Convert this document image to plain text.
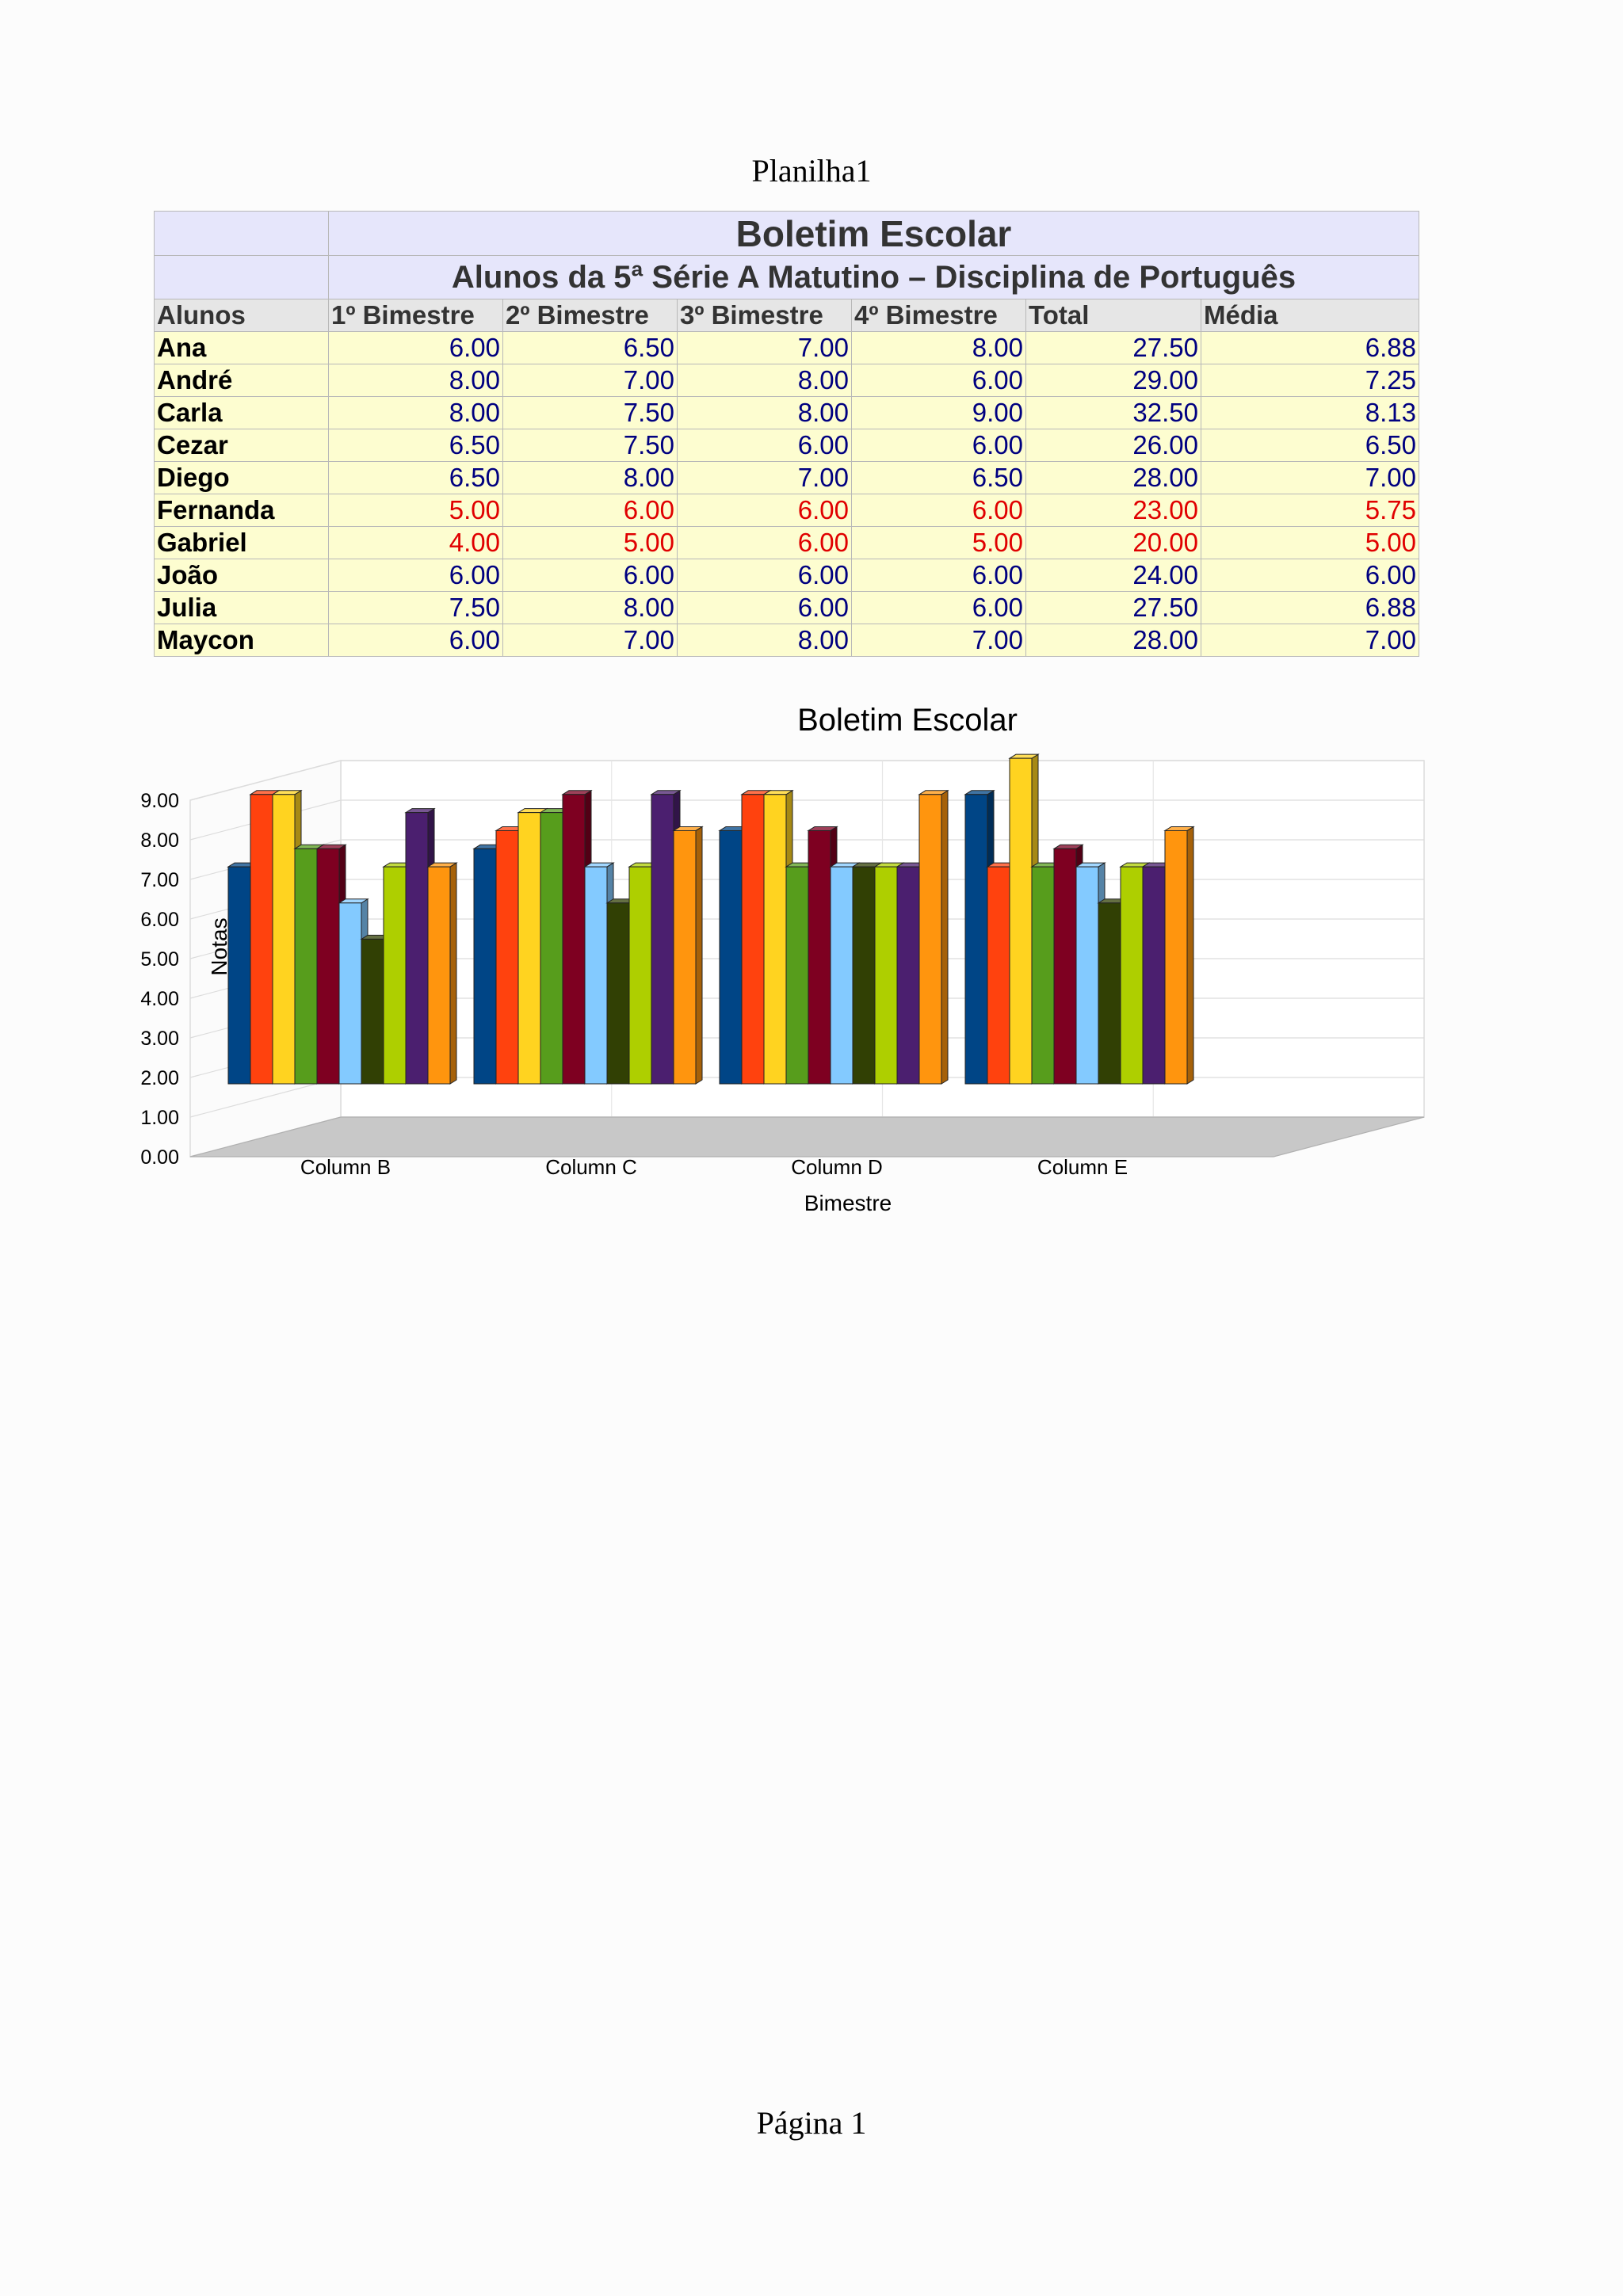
Planilha1
	Boletim Escolar					
	Alunos da 5ª Série A Matutino – Disciplina de Português					
Alunos	1º Bimestre	2º Bimestre	3º Bimestre	4º Bimestre	Total	Média
Ana	6.00	6.50	7.00	8.00	27.50	6.88
André	8.00	7.00	8.00	6.00	29.00	7.25
Carla	8.00	7.50	8.00	9.00	32.50	8.13
Cezar	6.50	7.50	6.00	6.00	26.00	6.50
Diego	6.50	8.00	7.00	6.50	28.00	7.00
Fernanda	5.00	6.00	6.00	6.00	23.00	5.75
Gabriel	4.00	5.00	6.00	5.00	20.00	5.00
João	6.00	6.00	6.00	6.00	24.00	6.00
Julia	7.50	8.00	6.00	6.00	27.50	6.88
Maycon	6.00	7.00	8.00	7.00	28.00	7.00
Boletim Escolar
0.00
1.00
2.00
3.00
4.00
5.00
6.00
7.00
8.00
9.00
Column B	Column C	Column D	Column E
Bimestre
Notas
Página 1
